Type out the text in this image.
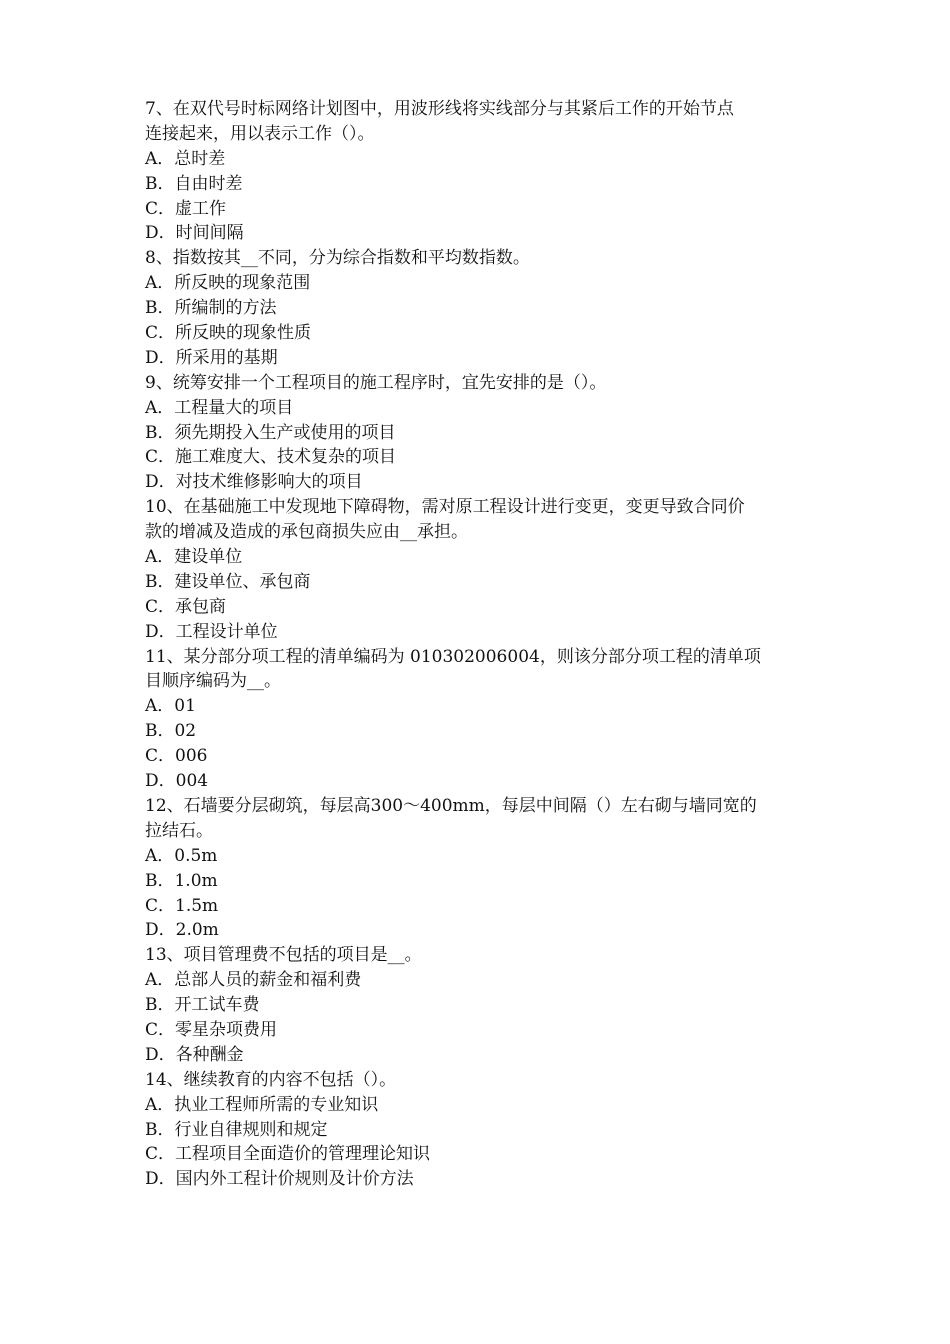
7、在双代号时标网络计划图中，用波形线将实线部分与其紧后工作的开始节点
连接起来，用以表示工作（）。
A．总时差
B．自由时差
C．虚工作
D．时间间隔
8、指数按其__不同，分为综合指数和平均数指数。
A．所反映的现象范围
B．所编制的方法
C．所反映的现象性质
D．所采用的基期
9、统筹安排一个工程项目的施工程序时，宜先安排的是（）。
A．工程量大的项目
B．须先期投入生产或使用的项目
C．施工难度大、技术复杂的项目
D．对技术维修影响大的项目
10、在基础施工中发现地下障碍物，需对原工程设计进行变更，变更导致合同价
款的增减及造成的承包商损失应由__承担。
A．建设单位
B．建设单位、承包商
C．承包商
D．工程设计单位
11、某分部分项工程的清单编码为 010302006004，则该分部分项工程的清单项
目顺序编码为__。
A．01
B．02
C．006
D．004
12、石墙要分层砌筑，每层高300～400mm，每层中间隔（）左右砌与墙同宽的
拉结石。
A．0.5m
B．1.0m
C．1.5m
D．2.0m
13、项目管理费不包括的项目是__。
A．总部人员的薪金和福利费
B．开工试车费
C．零星杂项费用
D．各种酬金
14、继续教育的内容不包括（）。
A．执业工程师所需的专业知识
B．行业自律规则和规定
C．工程项目全面造价的管理理论知识
D．国内外工程计价规则及计价方法
